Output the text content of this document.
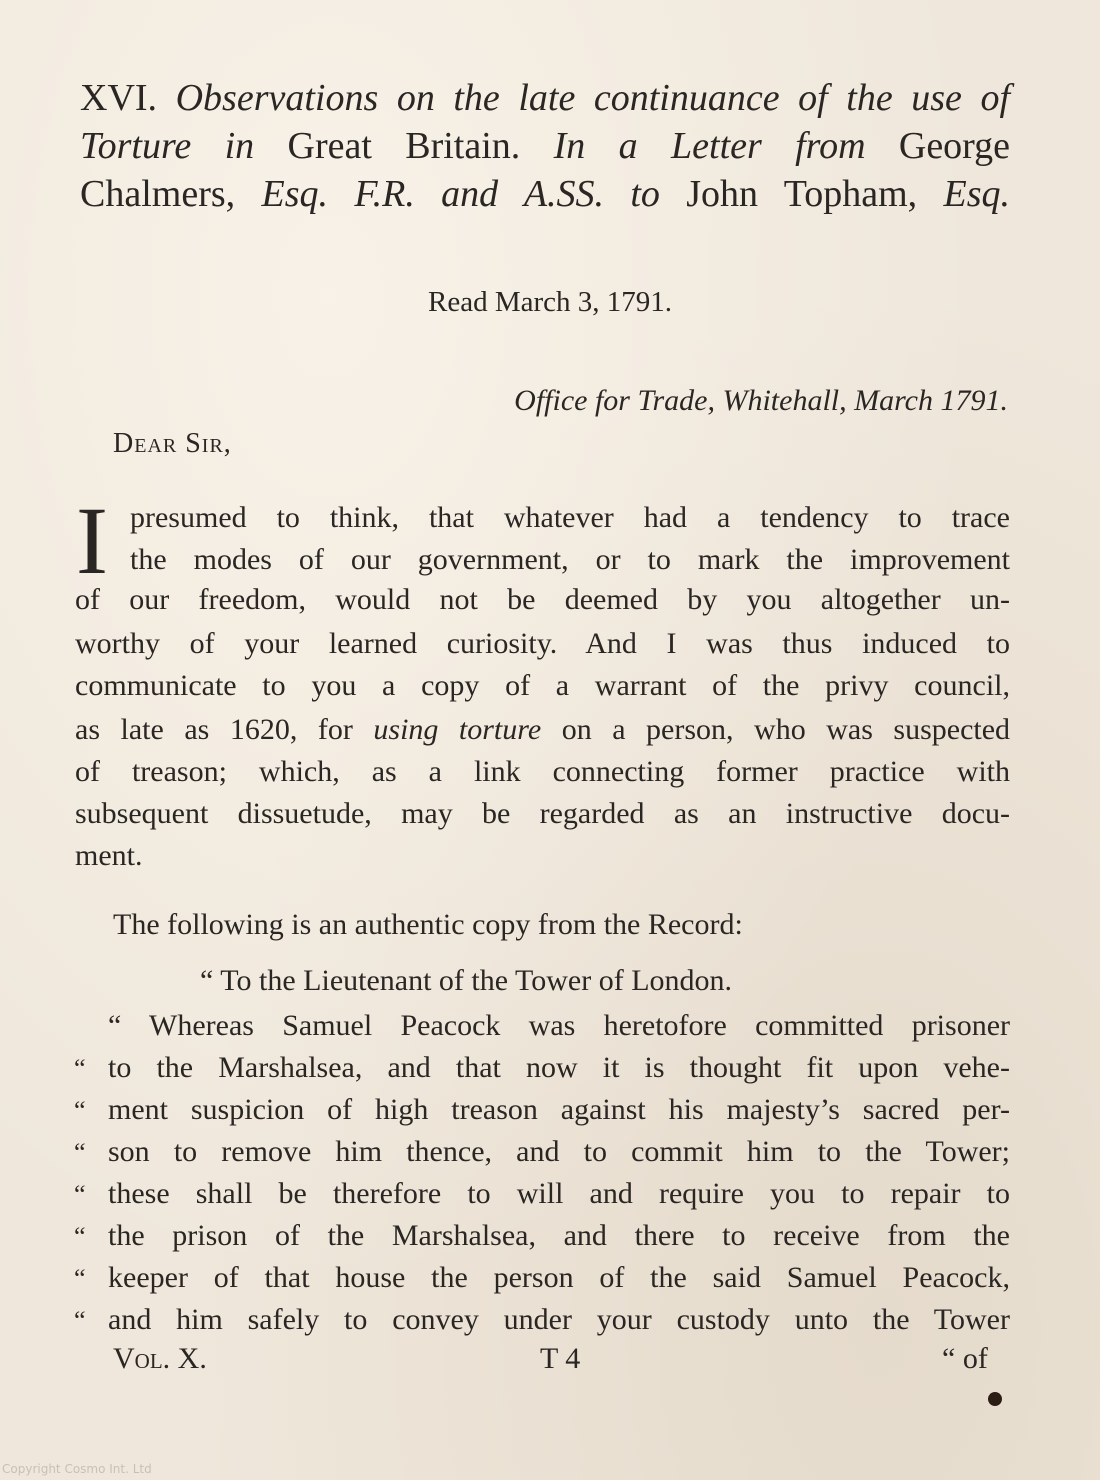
XVI. Observations on the late continuance of the use of
Torture in Great Britain. In a Letter from George
Chalmers, Esq. F.R. and A.SS. to John Topham, Esq.
Read March 3, 1791.
Office for Trade, Whitehall, March 1791.
Dear Sir,
I presumed to think, that whatever had a tendency to trace
the modes of our government, or to mark the improvement
of our freedom, would not be deemed by you altogether un-
worthy of your learned curiosity. And I was thus induced to
communicate to you a copy of a warrant of the privy council,
as late as 1620, for using torture on a person, who was suspected
of treason; which, as a link connecting former practice with
subsequent dissuetude, may be regarded as an instructive docu-
ment.
The following is an authentic copy from the Record:
“ To the Lieutenant of the Tower of London.
“ Whereas Samuel Peacock was heretofore committed prisoner
“ to the Marshalsea, and that now it is thought fit upon vehe-
“ ment suspicion of high treason against his majesty’s sacred per-
“ son to remove him thence, and to commit him to the Tower;
“ these shall be therefore to will and require you to repair to
“ the prison of the Marshalsea, and there to receive from the
“ keeper of that house the person of the said Samuel Peacock,
“ and him safely to convey under your custody unto the Tower
Vol. X.	T 4	“ of
Copyright Cosmo Int. Ltd
